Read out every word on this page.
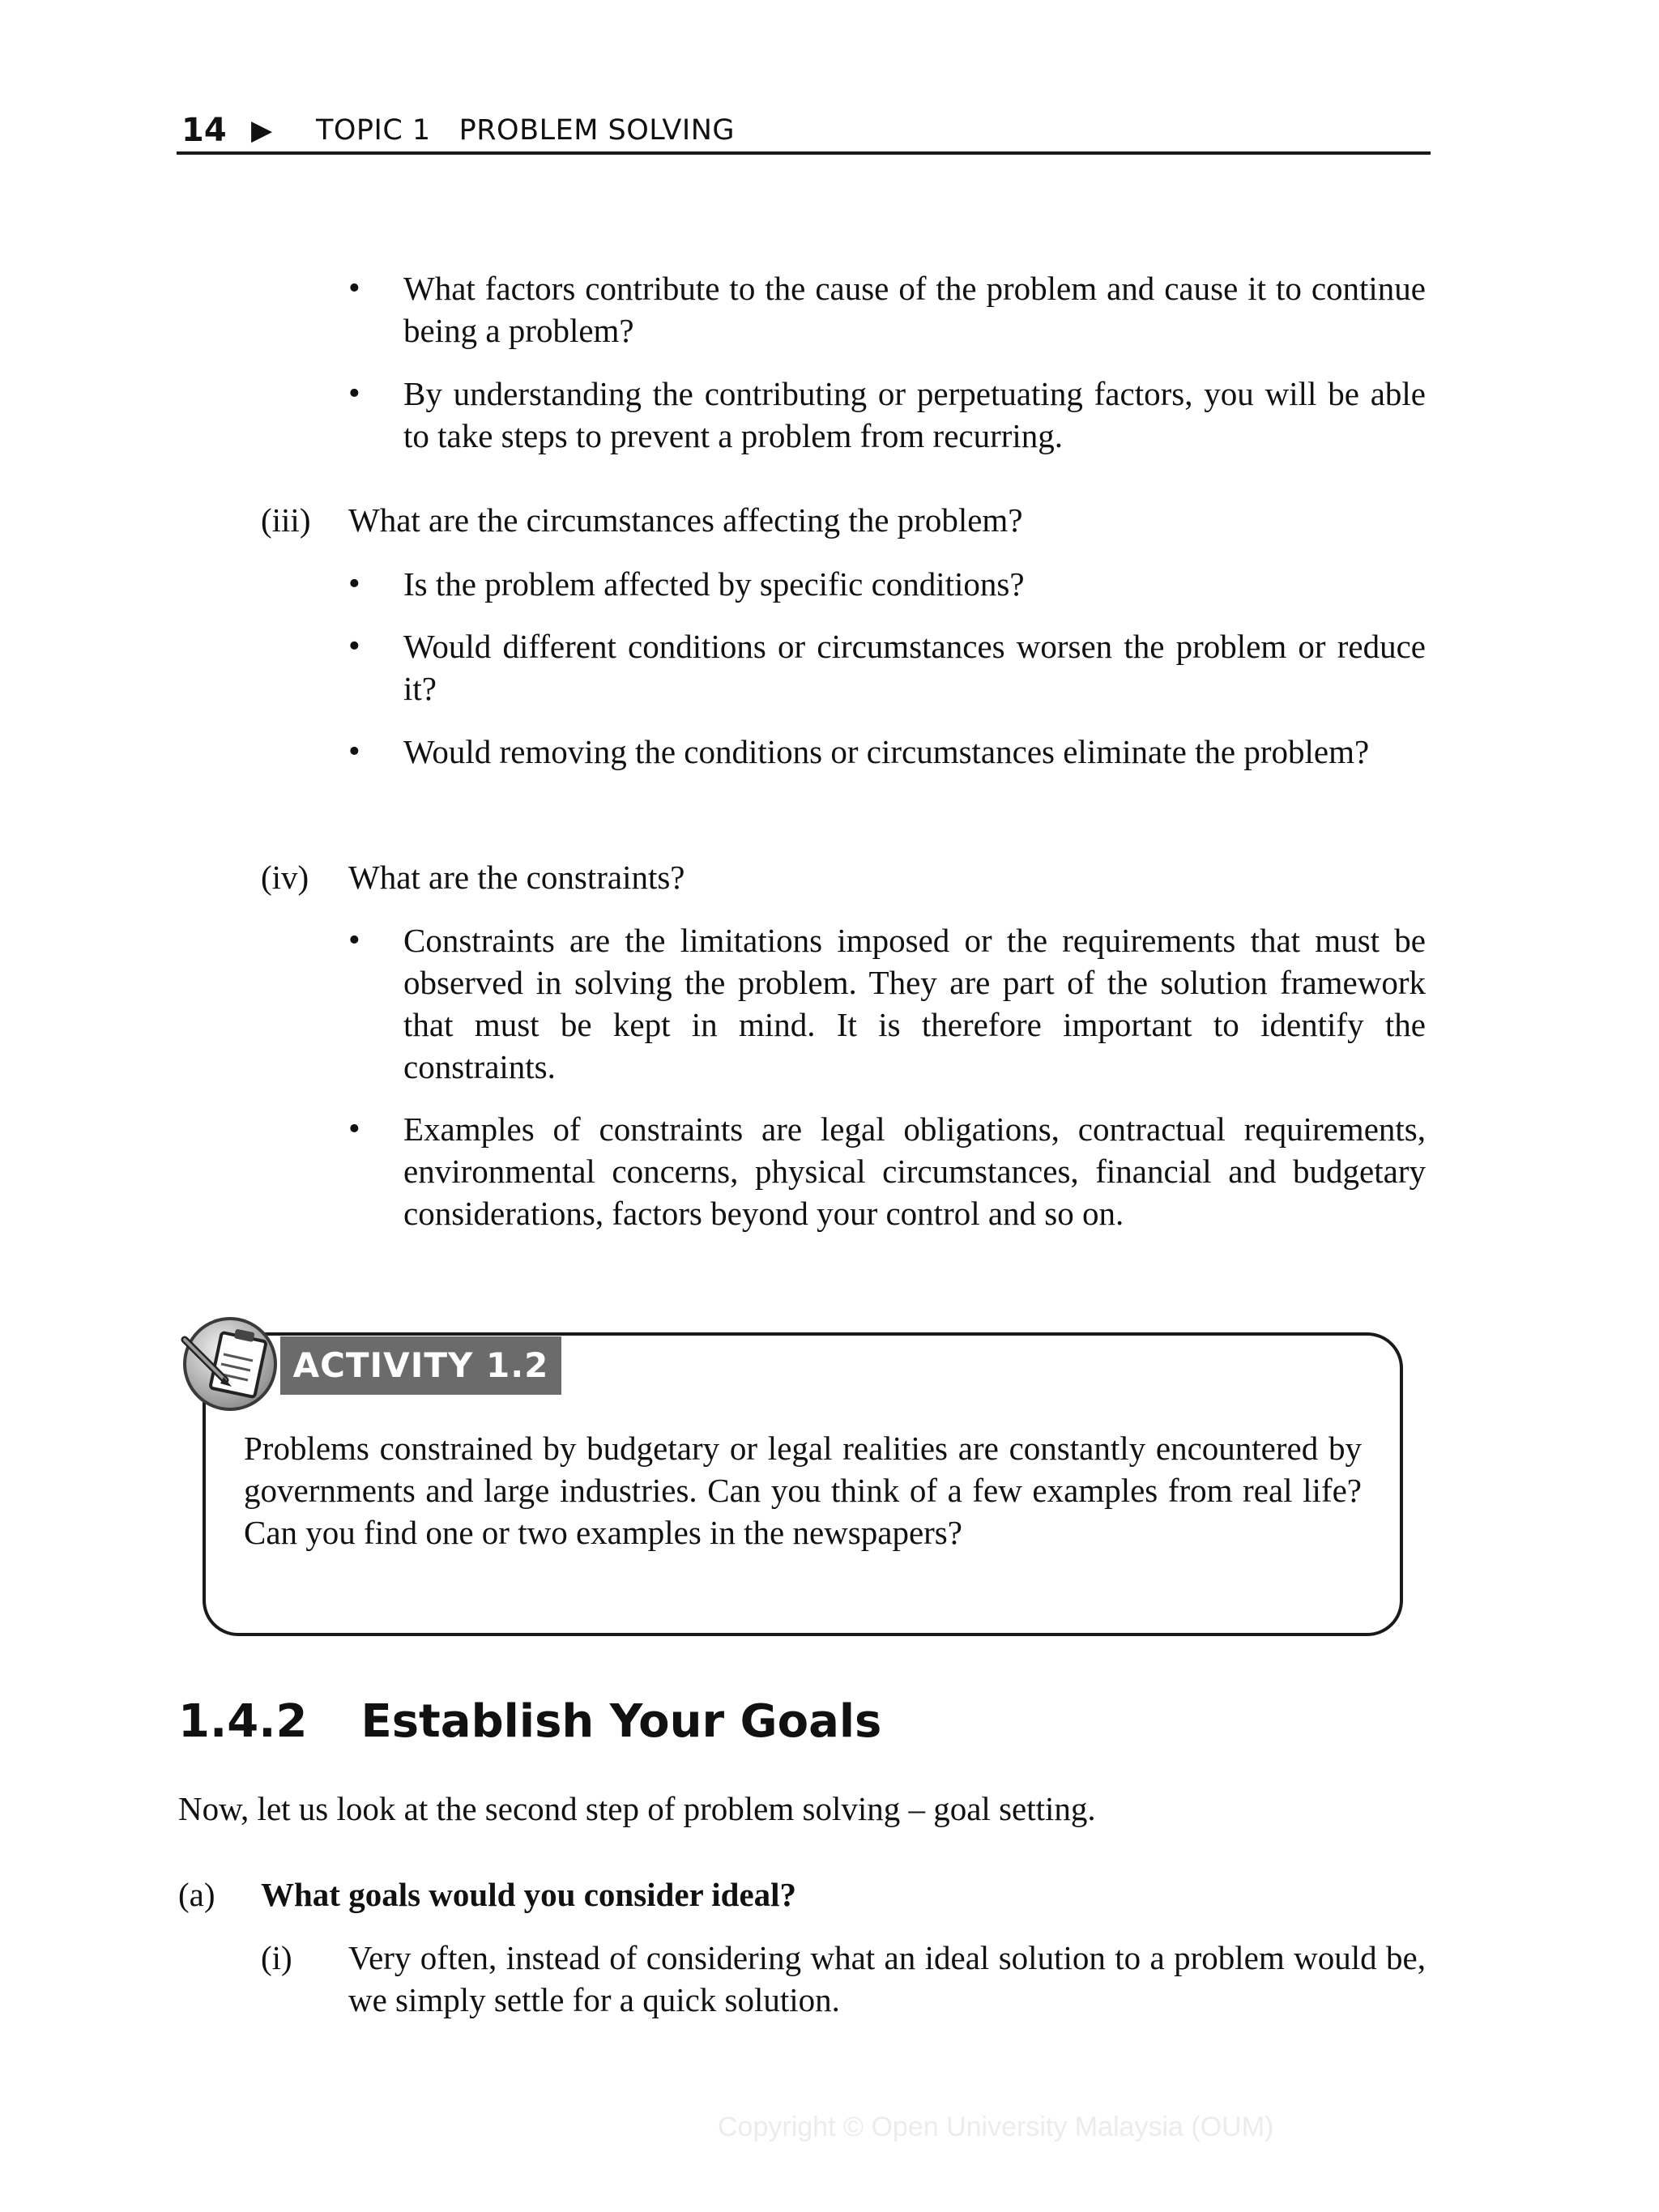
14 ▶ TOPIC 1 PROBLEM SOLVING
• What factors contribute to the cause of the problem and cause it to continue being a problem?
• By understanding the contributing or perpetuating factors, you will be able to take steps to prevent a problem from recurring.
(iii) What are the circumstances affecting the problem?
• Is the problem affected by specific conditions?
• Would different conditions or circumstances worsen the problem or reduce it?
• Would removing the conditions or circumstances eliminate the problem?
(iv) What are the constraints?
• Constraints are the limitations imposed or the requirements that must be observed in solving the problem. They are part of the solution framework that must be kept in mind. It is therefore important to identify the constraints.
• Examples of constraints are legal obligations, contractual requirements, environmental concerns, physical circumstances, financial and budgetary considerations, factors beyond your control and so on.
ACTIVITY 1.2
Problems constrained by budgetary or legal realities are constantly encountered by governments and large industries. Can you think of a few examples from real life? Can you find one or two examples in the newspapers?
1.4.2 Establish Your Goals
Now, let us look at the second step of problem solving – goal setting.
(a) What goals would you consider ideal?
(i) Very often, instead of considering what an ideal solution to a problem would be, we simply settle for a quick solution.
Copyright © Open University Malaysia (OUM)
